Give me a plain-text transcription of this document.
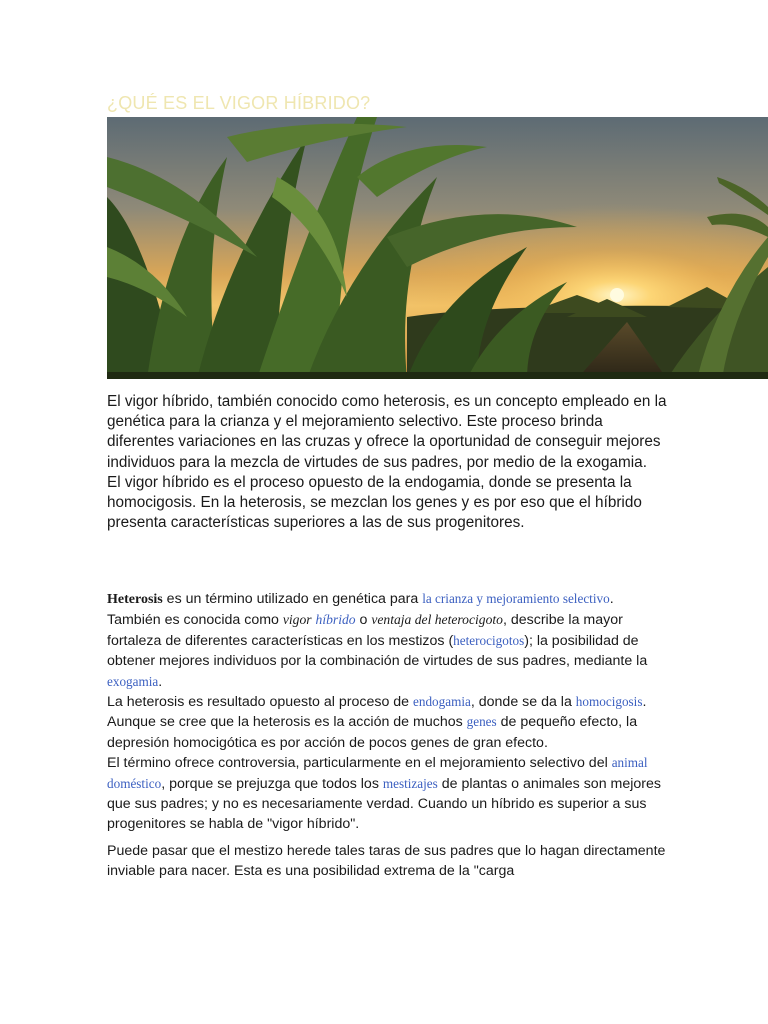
¿QUÉ ES EL VIGOR HÍBRIDO?

El vigor híbrido, también conocido como heterosis, es un concepto empleado en la genética para la crianza y el mejoramiento selectivo. Este proceso brinda diferentes variaciones en las cruzas y ofrece la oportunidad de conseguir mejores individuos para la mezcla de virtudes de sus padres, por medio de la exogamia.

El vigor híbrido es el proceso opuesto de la endogamia, donde se presenta la homocigosis. En la heterosis, se mezclan los genes y es por eso que el híbrido presenta características superiores a las de sus progenitores.

Heterosis es un término utilizado en genética para la crianza y mejoramiento selectivo.
También es conocida como vigor híbrido o ventaja del heterocigoto, describe la mayor fortaleza de diferentes características en los mestizos (heterocigotos); la posibilidad de obtener mejores individuos por la combinación de virtudes de sus padres, mediante la exogamia.

La heterosis es resultado opuesto al proceso de endogamia, donde se da la homocigosis. Aunque se cree que la heterosis es la acción de muchos genes de pequeño efecto, la depresión homocigótica es por acción de pocos genes de gran efecto.

El término ofrece controversia, particularmente en el mejoramiento selectivo del animal doméstico, porque se prejuzga que todos los mestizajes de plantas o animales son mejores que sus padres; y no es necesariamente verdad. Cuando un híbrido es superior a sus progenitores se habla de "vigor híbrido".

Puede pasar que el mestizo herede tales taras de sus padres que lo hagan directamente inviable para nacer. Esta es una posibilidad extrema de la "carga
